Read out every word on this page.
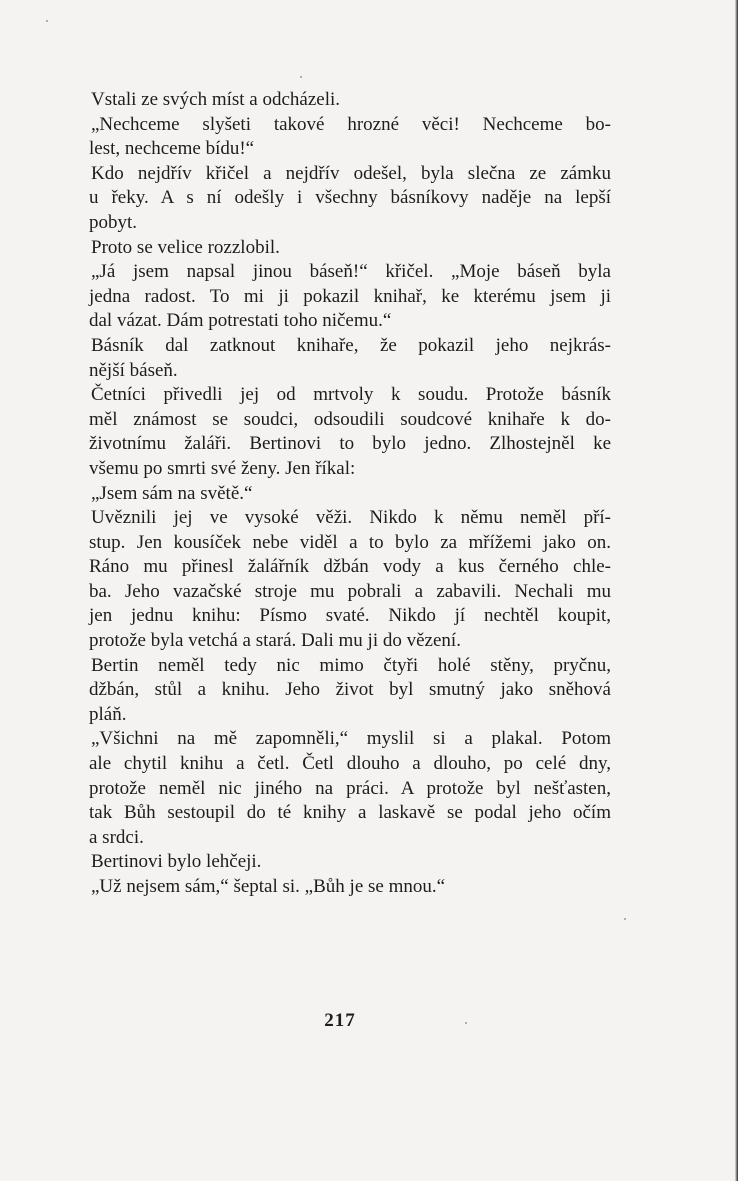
Vstali ze svých míst a odcházeli.
„Nechceme slyšeti takové hrozné věci! Nechceme bo-
lest, nechceme bídu!“
Kdo nejdřív křičel a nejdřív odešel, byla slečna ze zámku
u řeky. A s ní odešly i všechny básníkovy naděje na lepší
pobyt.
Proto se velice rozzlobil.
„Já jsem napsal jinou báseň!“ křičel. „Moje báseň byla
jedna radost. To mi ji pokazil knihař, ke kterému jsem ji
dal vázat. Dám potrestati toho ničemu.“
Básník dal zatknout knihaře, že pokazil jeho nejkrás-
nější báseň.
Četníci přivedli jej od mrtvoly k soudu. Protože básník
měl známost se soudci, odsoudili soudcové knihaře k do-
životnímu žaláři. Bertinovi to bylo jedno. Zlhostejněl ke
všemu po smrti své ženy. Jen říkal:
„Jsem sám na světě.“
Uvěznili jej ve vysoké věži. Nikdo k němu neměl pří-
stup. Jen kousíček nebe viděl a to bylo za mřížemi jako on.
Ráno mu přinesl žalářník džbán vody a kus černého chle-
ba. Jeho vazačské stroje mu pobrali a zabavili. Nechali mu
jen jednu knihu: Písmo svaté. Nikdo jí nechtěl koupit,
protože byla vetchá a stará. Dali mu ji do vězení.
Bertin neměl tedy nic mimo čtyři holé stěny, pryčnu,
džbán, stůl a knihu. Jeho život byl smutný jako sněhová
pláň.
„Všichni na mě zapomněli,“ myslil si a plakal. Potom
ale chytil knihu a četl. Četl dlouho a dlouho, po celé dny,
protože neměl nic jiného na práci. A protože byl nešťasten,
tak Bůh sestoupil do té knihy a laskavě se podal jeho očím
a srdci.
Bertinovi bylo lehčeji.
„Už nejsem sám,“ šeptal si. „Bůh je se mnou.“
217
